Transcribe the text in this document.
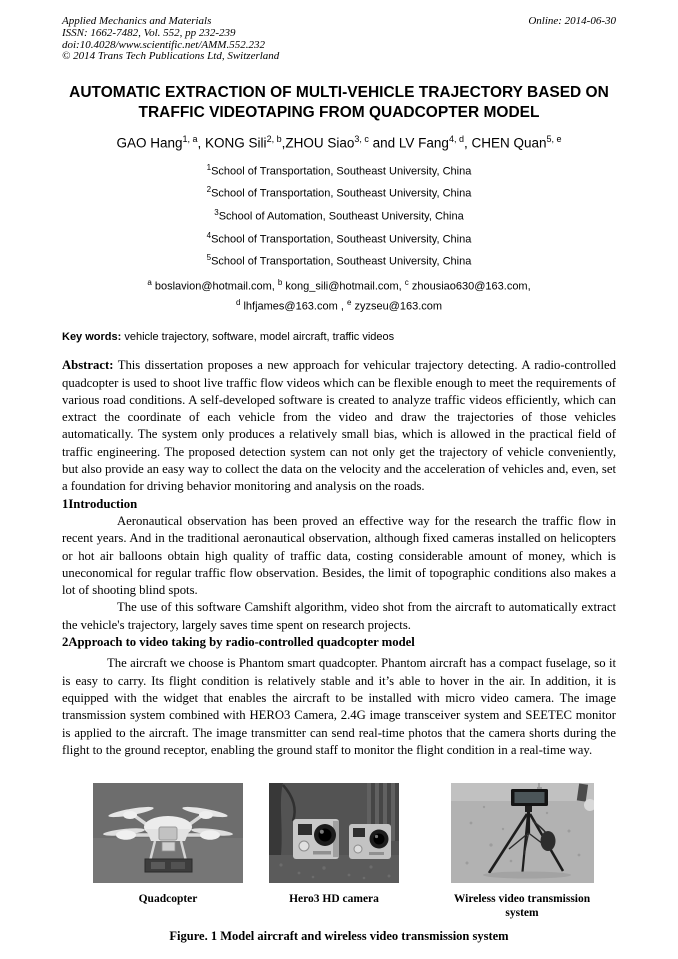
Applied Mechanics and Materials
ISSN: 1662-7482, Vol. 552, pp 232-239
doi:10.4028/www.scientific.net/AMM.552.232
© 2014 Trans Tech Publications Ltd, Switzerland
Online: 2014-06-30
AUTOMATIC EXTRACTION OF MULTI-VEHICLE TRAJECTORY BASED ON TRAFFIC VIDEOTAPING FROM QUADCOPTER MODEL
GAO Hang$^{1, a}$, KONG Sili$^{2, b}$,ZHOU Siao$^{3, c}$ and LV Fang$^{4, d}$, CHEN Quan$^{5, e}$
$^1$School of Transportation, Southeast University, China
$^2$School of Transportation, Southeast University, China
$^3$School of Automation, Southeast University, China
$^4$School of Transportation, Southeast University, China
$^5$School of Transportation, Southeast University, China
$^a$ boslavion@hotmail.com, $^b$ kong_sili@hotmail.com, $^c$ zhousiao630@163.com,
$^d$ lhfjames@163.com , $^e$ zyzseu@163.com
Key words: vehicle trajectory, software, model aircraft, traffic videos
Abstract: This dissertation proposes a new approach for vehicular trajectory detecting. A radio-controlled quadcopter is used to shoot live traffic flow videos which can be flexible enough to meet the requirements of various road conditions. A self-developed software is created to analyze traffic videos efficiently, which can extract the coordinate of each vehicle from the video and draw the trajectories of those vehicles automatically. The system only produces a relatively small bias, which is allowed in the practical field of traffic engineering. The proposed detection system can not only get the trajectory of vehicle conveniently, but also provide an easy way to collect the data on the velocity and the acceleration of vehicles and, even, set a foundation for driving behavior monitoring and analysis on the roads.
1Introduction
Aeronautical observation has been proved an effective way for the research the traffic flow in recent years. And in the traditional aeronautical observation, although fixed cameras installed on helicopters or hot air balloons obtain high quality of traffic data, costing considerable amount of money, which is uneconomical for regular traffic flow observation. Besides, the limit of topographic conditions also makes a lot of shooting blind spots.
The use of this software Camshift algorithm, video shot from the aircraft to automatically extract the vehicle's trajectory, largely saves time spent on research projects.
2Approach to video taking by radio-controlled quadcopter model
The aircraft we choose is Phantom smart quadcopter. Phantom aircraft has a compact fuselage, so it is easy to carry. Its flight condition is relatively stable and it’s able to hover in the air. In addition, it is equipped with the widget that enables the aircraft to be installed with micro video camera. The image transmission system combined with HERO3 Camera, 2.4G image transceiver system and SEETEC monitor is applied to the aircraft. The image transmitter can send real-time photos that the camera shorts during the flight to the ground receptor, enabling the ground staff to monitor the flight condition in a real-time way.
Quadcopter	Hero3 HD camera	Wireless video transmission system
Figure. 1 Model aircraft and wireless video transmission system
